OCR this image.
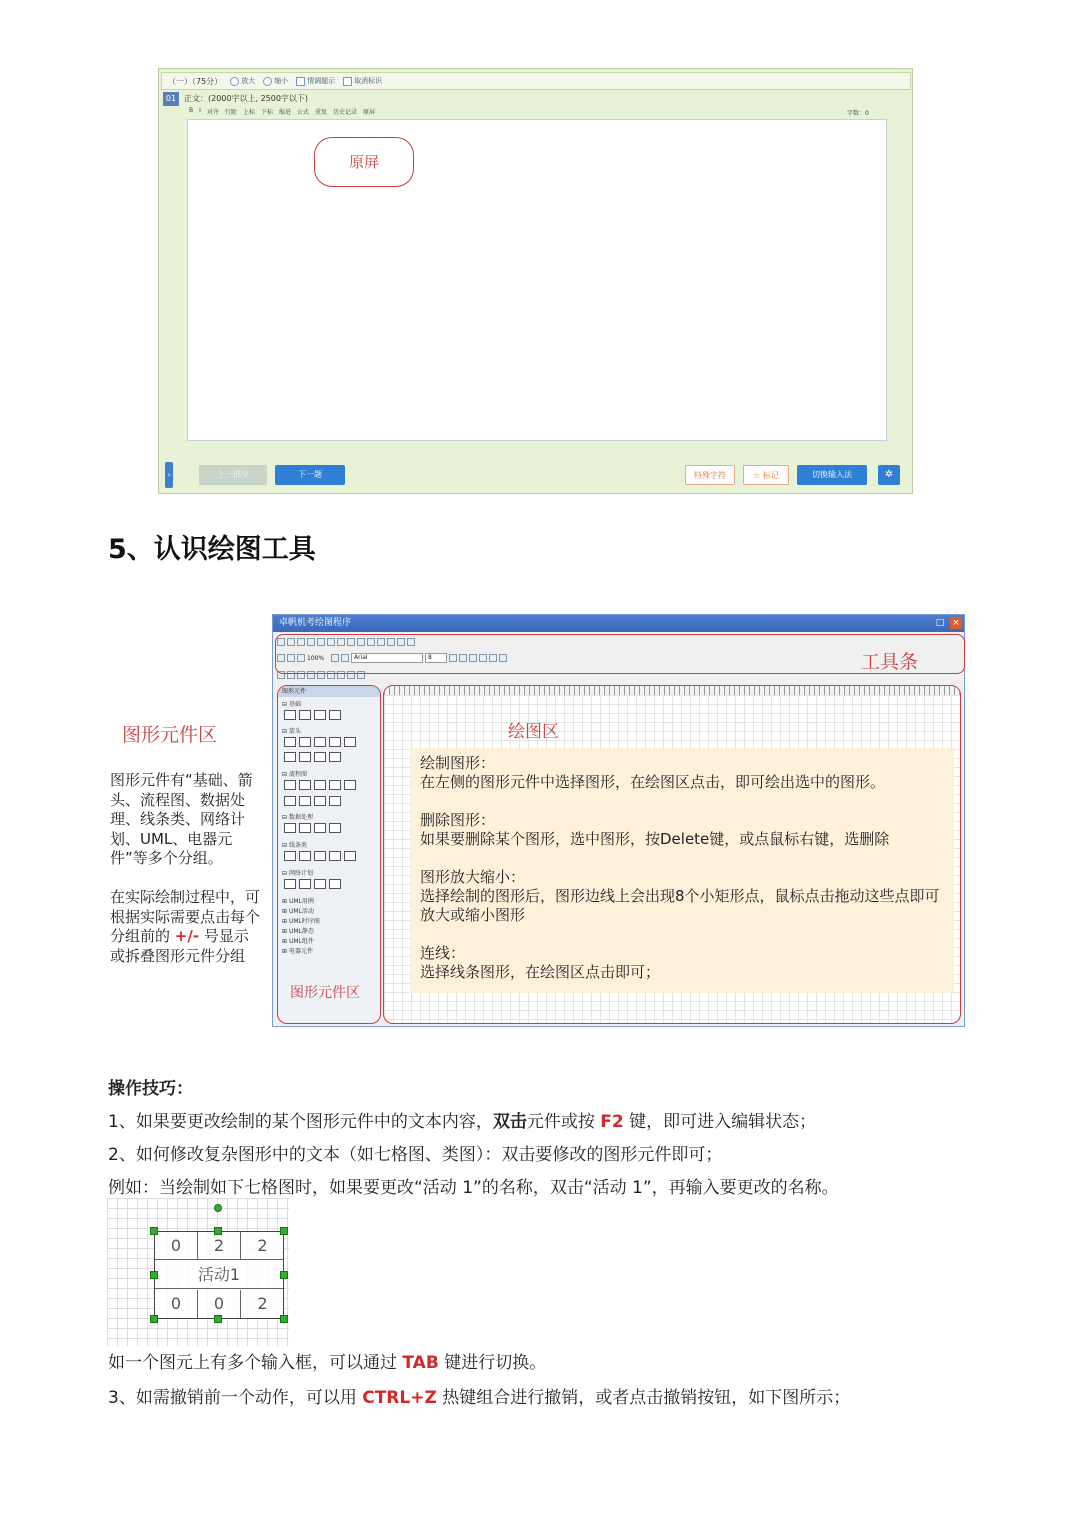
（一）（75分）	放大	缩小	情调题示	取消标识
01 正文：(2000字以上, 2500字以下)
B I 对齐 行距 上标 下标 缩进 公式 重复 历史记录 原屏	字数：0
原屏
›	上一部分	下一题	特殊字符	☆ 标记	切换输入法	✲
5、认识绘图工具
图形元件区
图形元件有“基础、箭头、流程图、数据处理、线条类、网络计划、UML、电器元件”等多个分组。
在实际绘制过程中，可根据实际需要点击每个分组前的 +/- 号显示或拆叠图形元件分组
卓帆机考绘图程序	□ ×
100%	Arial	8	工具条
图形元件
⊟ 基础
⊟ 箭头
⊟ 流程图
⊟ 数据处理
⊟ 线条类
⊟ 网络计划
⊞ UML用例
⊞ UML活动
⊞ UML时序图
⊞ UML静态
⊞ UML组件
⊞ 电器元件
图形元件区
绘图区

绘制图形：
在左侧的图形元件中选择图形，在绘图区点击，即可绘出选中的图形。

删除图形：
如果要删除某个图形，选中图形，按Delete键，或点鼠标右键，选删除

图形放大缩小：
选择绘制的图形后，图形边线上会出现8个小矩形点，鼠标点击拖动这些点即可放大或缩小图形

连线：
选择线条图形，在绘图区点击即可；

操作技巧：
1、如果要更改绘制的某个图形元件中的文本内容，双击元件或按 F2 键，即可进入编辑状态；
2、如何修改复杂图形中的文本（如七格图、类图）：双击要修改的图形元件即可；
例如：当绘制如下七格图时，如果要更改“活动 1”的名称，双击“活动 1”，再输入要更改的名称。
0	2	2
活动1
0	0	2
如一个图元上有多个输入框，可以通过 TAB 键进行切换。
3、如需撤销前一个动作，可以用 CTRL+Z 热键组合进行撤销，或者点击撤销按钮，如下图所示；
